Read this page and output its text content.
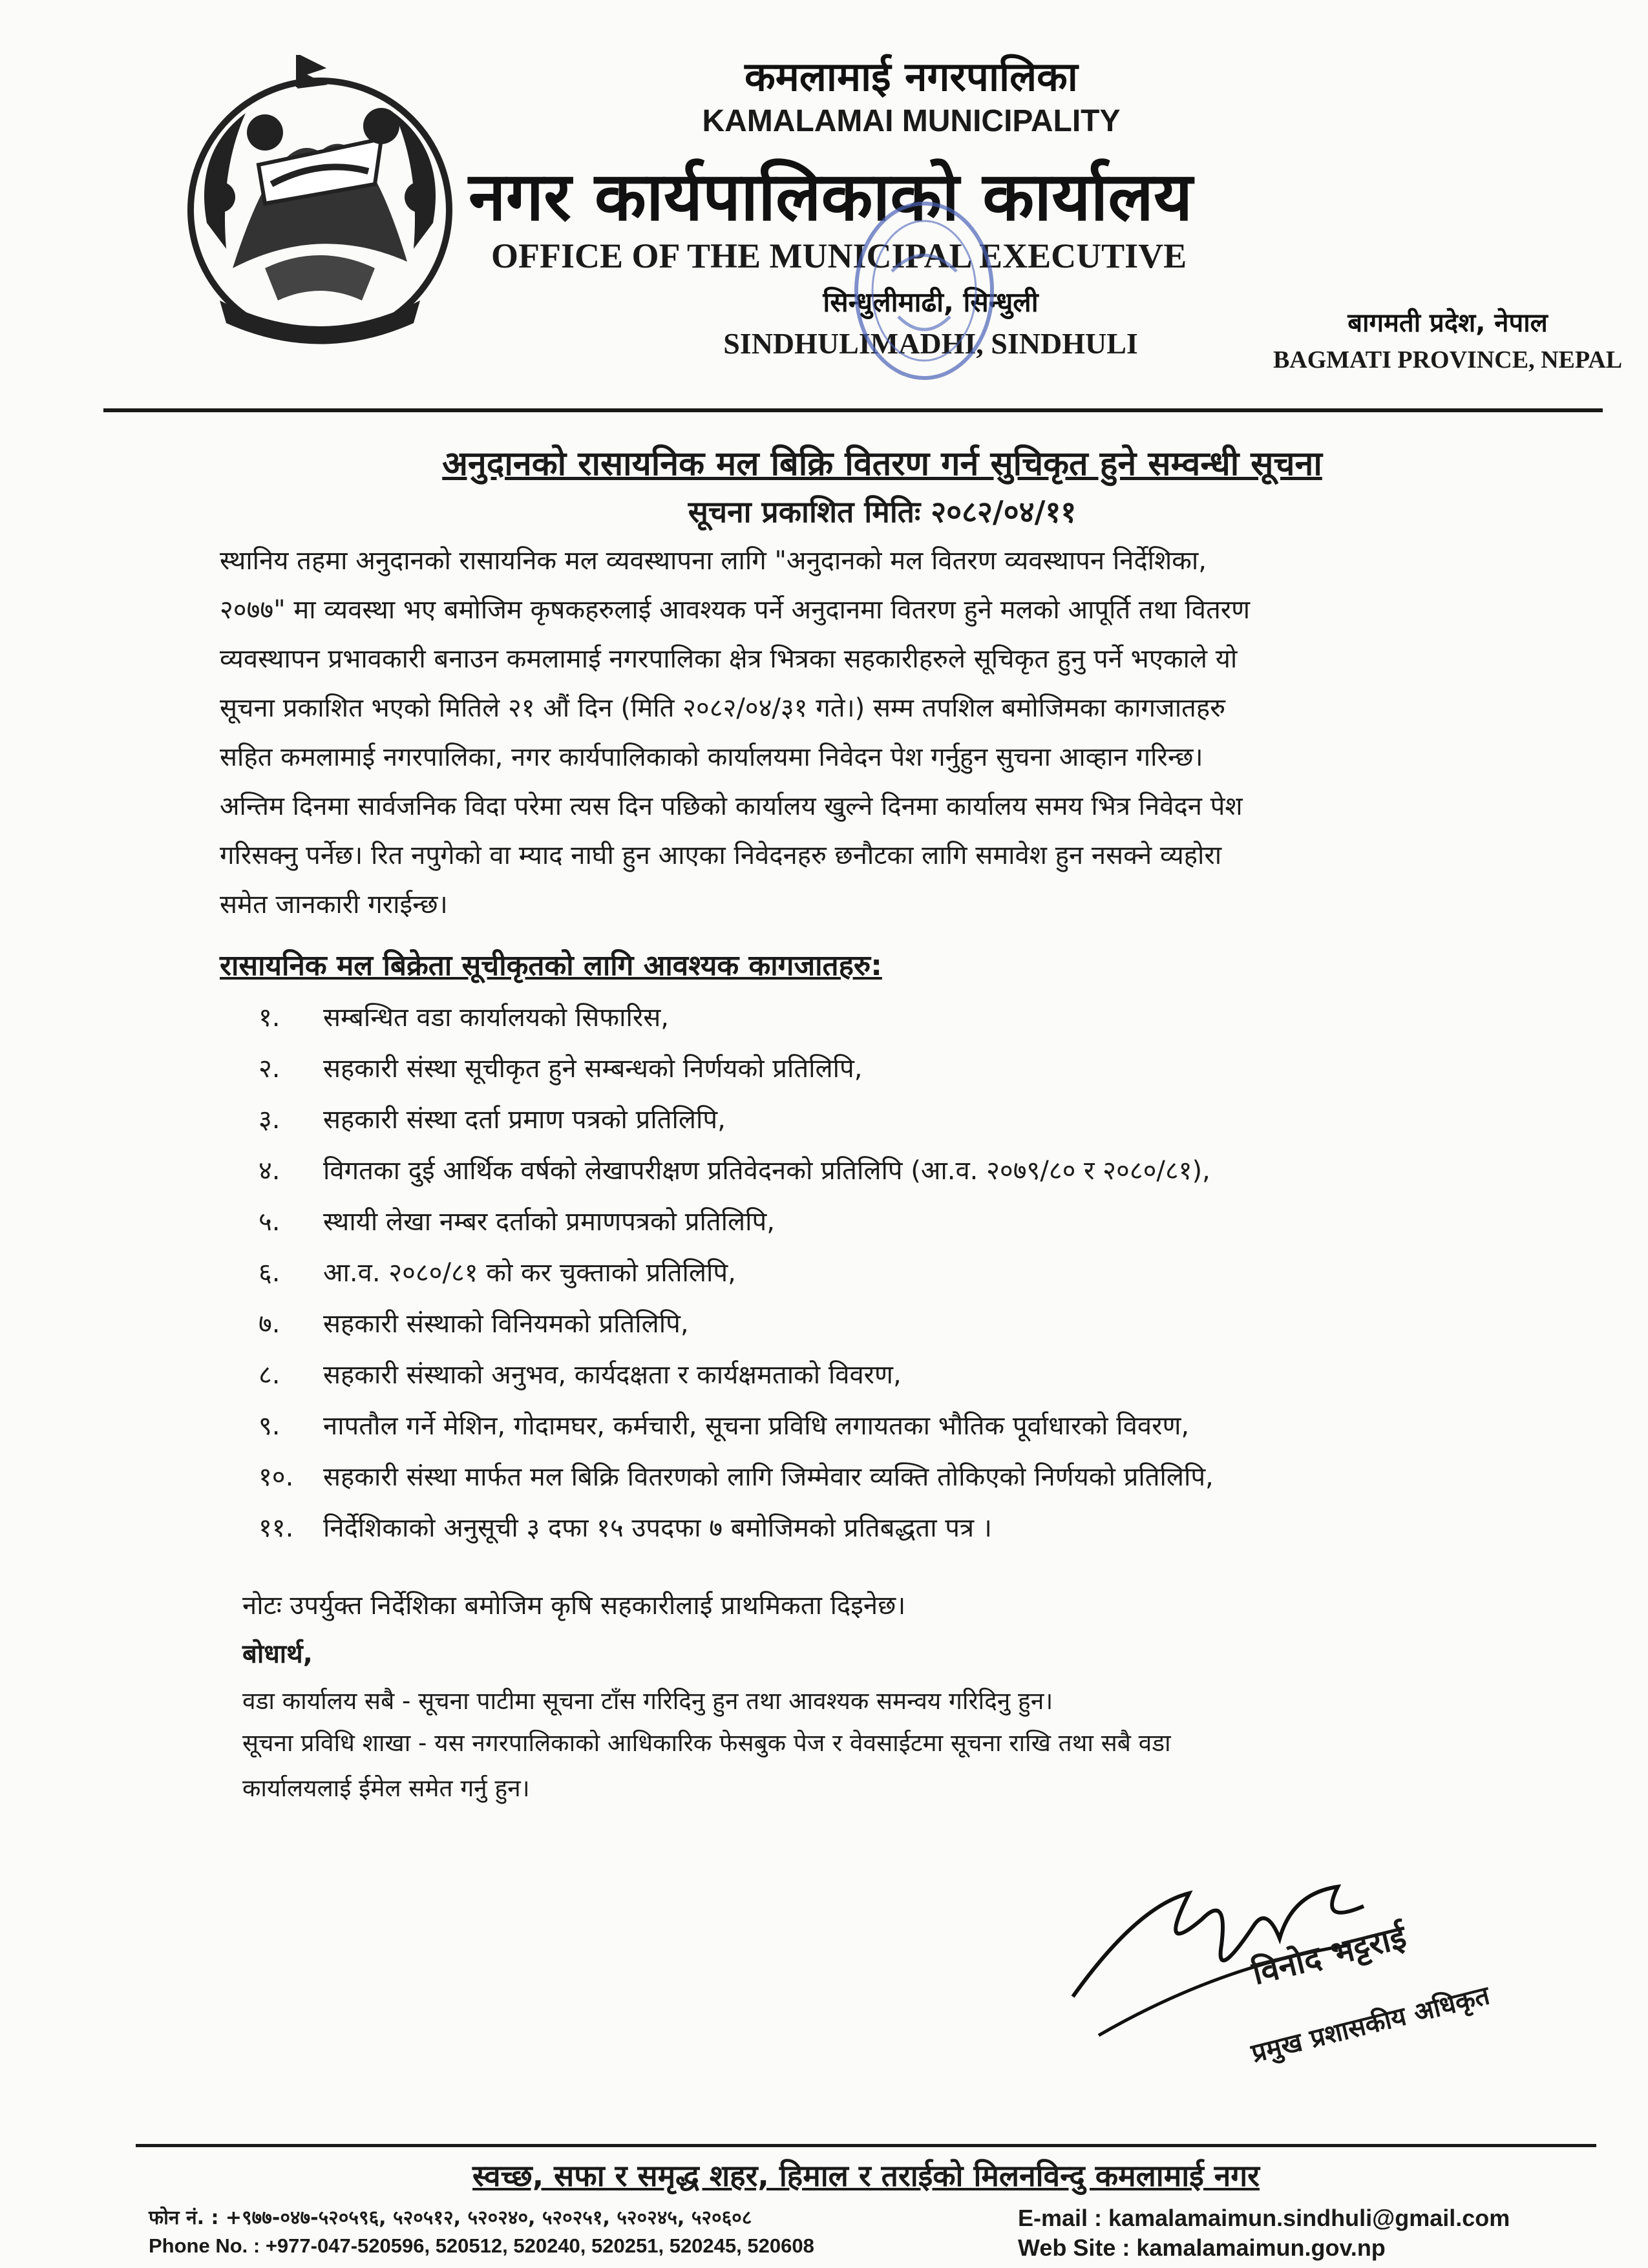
कमलामाई नगरपालिका
KAMALAMAI MUNICIPALITY
नगर कार्यपालिकाको कार्यालय
OFFICE OF THE MUNICIPAL EXECUTIVE
सिन्धुलीमाढी, सिन्धुली
SINDHULIMADHI, SINDHULI
बागमती प्रदेश, नेपाल
BAGMATI PROVINCE, NEPAL
अनुदानको रासायनिक मल बिक्रि वितरण गर्न सुचिकृत हुने सम्वन्धी सूचना
सूचना प्रकाशित मितिः २०८२/०४/११
स्थानिय तहमा अनुदानको रासायनिक मल व्यवस्थापना लागि "अनुदानको मल वितरण व्यवस्थापन निर्देशिका,
२०७७" मा व्यवस्था भए बमोजिम कृषकहरुलाई आवश्यक पर्ने अनुदानमा वितरण हुने मलको आपूर्ति तथा वितरण
व्यवस्थापन प्रभावकारी बनाउन कमलामाई नगरपालिका क्षेत्र भित्रका सहकारीहरुले सूचिकृत हुनु पर्ने भएकाले यो
सूचना प्रकाशित भएको मितिले २१ औं दिन (मिति २०८२/०४/३१ गते।) सम्म तपशिल बमोजिमका कागजातहरु
सहित कमलामाई नगरपालिका, नगर कार्यपालिकाको कार्यालयमा निवेदन पेश गर्नुहुन सुचना आव्हान गरिन्छ।
अन्तिम दिनमा सार्वजनिक विदा परेमा त्यस दिन पछिको कार्यालय खुल्ने दिनमा कार्यालय समय भित्र निवेदन पेश
गरिसक्नु पर्नेछ। रित नपुगेको वा म्याद नाघी हुन आएका निवेदनहरु छनौटका लागि समावेश हुन नसक्ने व्यहोरा
समेत जानकारी गराईन्छ।
रासायनिक मल बिक्रेता सूचीकृतको लागि आवश्यक कागजातहरु:
१. सम्बन्धित वडा कार्यालयको सिफारिस,
२. सहकारी संस्था सूचीकृत हुने सम्बन्धको निर्णयको प्रतिलिपि,
३. सहकारी संस्था दर्ता प्रमाण पत्रको प्रतिलिपि,
४. विगतका दुई आर्थिक वर्षको लेखापरीक्षण प्रतिवेदनको प्रतिलिपि (आ.व. २०७९/८० र २०८०/८१),
५. स्थायी लेखा नम्बर दर्ताको प्रमाणपत्रको प्रतिलिपि,
६. आ.व. २०८०/८१ को कर चुक्ताको प्रतिलिपि,
७. सहकारी संस्थाको विनियमको प्रतिलिपि,
८. सहकारी संस्थाको अनुभव, कार्यदक्षता र कार्यक्षमताको विवरण,
९. नापतौल गर्ने मेशिन, गोदामघर, कर्मचारी, सूचना प्रविधि लगायतका भौतिक पूर्वाधारको विवरण,
१०. सहकारी संस्था मार्फत मल बिक्रि वितरणको लागि जिम्मेवार व्यक्ति तोकिएको निर्णयको प्रतिलिपि,
११. निर्देशिकाको अनुसूची ३ दफा १५ उपदफा ७ बमोजिमको प्रतिबद्धता पत्र ।
नोटः उपर्युक्त निर्देशिका बमोजिम कृषि सहकारीलाई प्राथमिकता दिइनेछ।
बोधार्थ,
वडा कार्यालय सबै - सूचना पाटीमा सूचना टाँस गरिदिनु हुन तथा आवश्यक समन्वय गरिदिनु हुन।
सूचना प्रविधि शाखा - यस नगरपालिकाको आधिकारिक फेसबुक पेज र वेवसाईटमा सूचना राखि तथा सबै वडा
कार्यालयलाई ईमेल समेत गर्नु हुन।
विनोद भट्टराई
प्रमुख प्रशासकीय अधिकृत
स्वच्छ, सफा र समृद्ध शहर, हिमाल र तराईको मिलनविन्दु कमलामाई नगर
फोन नं. : +९७७-०४७-५२०५९६, ५२०५१२, ५२०२४०, ५२०२५१, ५२०२४५, ५२०६०८
Phone No. : +977-047-520596, 520512, 520240, 520251, 520245, 520608
E-mail : kamalamaimun.sindhuli@gmail.com
Web Site : kamalamaimun.gov.np
